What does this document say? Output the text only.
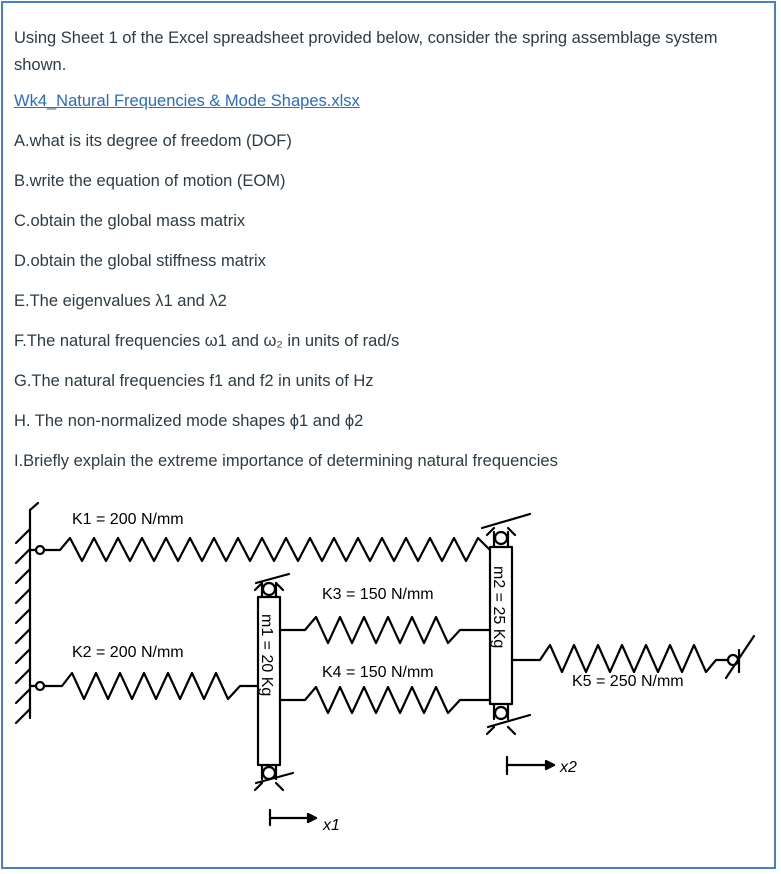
Using Sheet 1 of the Excel spreadsheet provided below, consider the spring assemblage system shown.

Wk4_Natural Frequencies & Mode Shapes.xlsx

A.what is its degree of freedom (DOF)

B.write the equation of motion (EOM)

C.obtain the global mass matrix

D.obtain the global stiffness matrix

E.The eigenvalues λ1 and λ2

F.The natural frequencies ω1 and ω₂ in units of rad/s

G.The natural frequencies f1 and f2 in units of Hz

H. The non-normalized mode shapes ϕ1 and ϕ2

I.Briefly explain the extreme importance of determining natural frequencies

K1 = 200 N/mm
K2 = 200 N/mm
K3 = 150 N/mm
K4 = 150 N/mm
K5 = 250 N/mm
m1 = 20 Kg
m2 = 25 Kg
x1
x2
